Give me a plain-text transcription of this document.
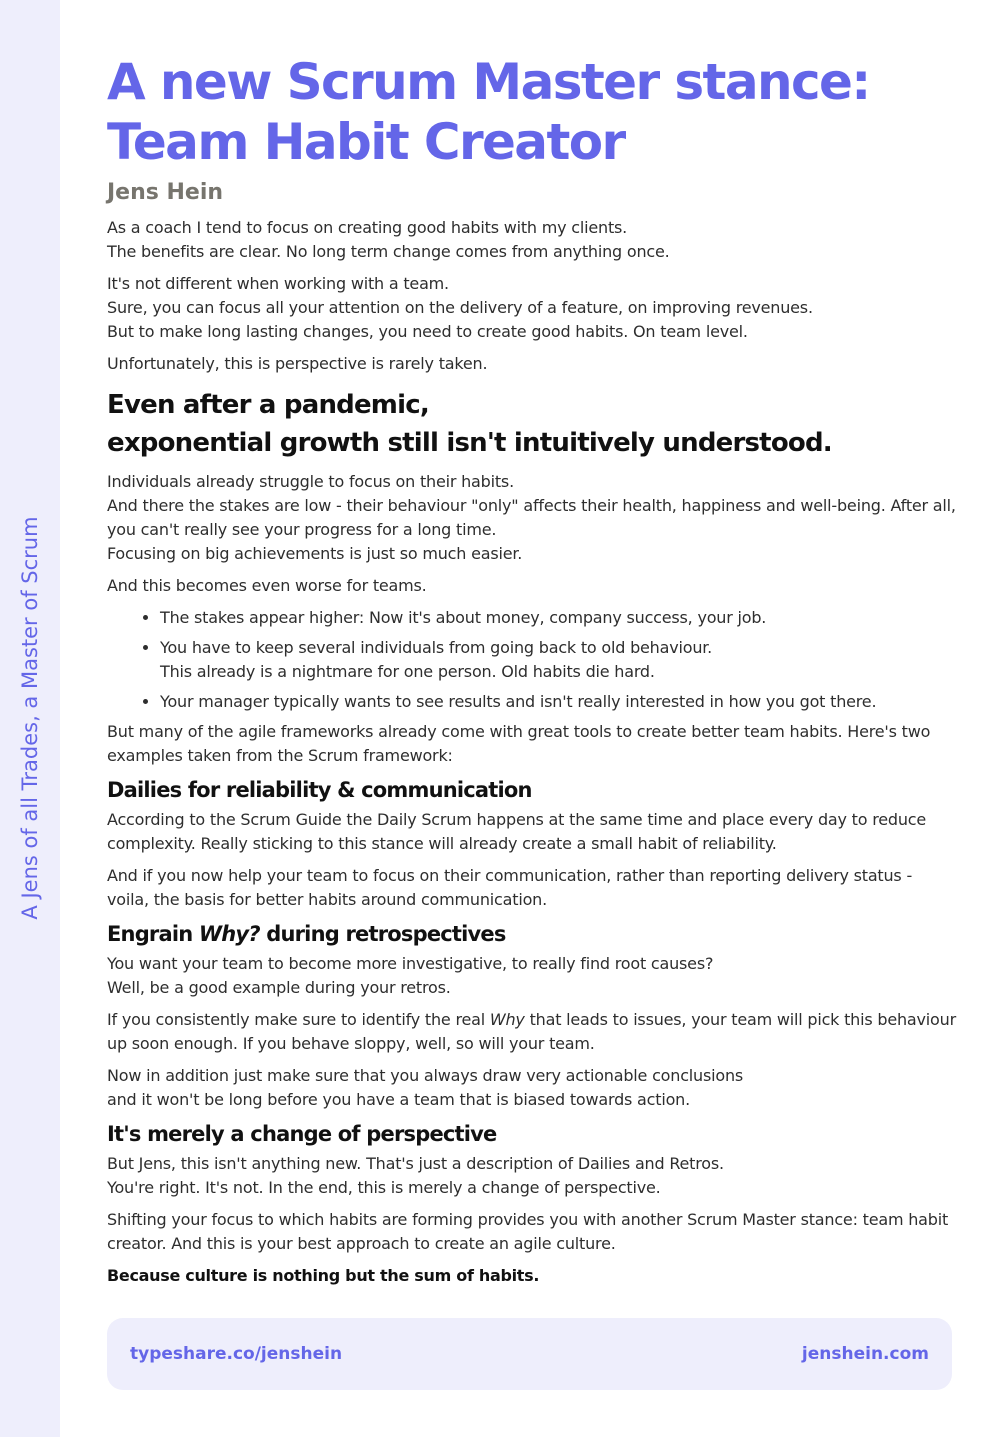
A Jens of all Trades, a Master of Scrum
A new Scrum Master stance:
Team Habit Creator
Jens Hein

As a coach I tend to focus on creating good habits with my clients.
The benefits are clear. No long term change comes from anything once.

It's not different when working with a team.
Sure, you can focus all your attention on the delivery of a feature, on improving revenues.
But to make long lasting changes, you need to create good habits. On team level.

Unfortunately, this is perspective is rarely taken.

Even after a pandemic,
exponential growth still isn't intuitively understood.

Individuals already struggle to focus on their habits.
And there the stakes are low - their behaviour "only" affects their health, happiness and well-being. After all, you can't really see your progress for a long time.
Focusing on big achievements is just so much easier.

And this becomes even worse for teams.

• The stakes appear higher: Now it's about money, company success, your job.
• You have to keep several individuals from going back to old behaviour.
This already is a nightmare for one person. Old habits die hard.
• Your manager typically wants to see results and isn't really interested in how you got there.

But many of the agile frameworks already come with great tools to create better team habits. Here's two examples taken from the Scrum framework:

Dailies for reliability & communication

According to the Scrum Guide the Daily Scrum happens at the same time and place every day to reduce complexity. Really sticking to this stance will already create a small habit of reliability.

And if you now help your team to focus on their communication, rather than reporting delivery status - voila, the basis for better habits around communication.

Engrain Why? during retrospectives

You want your team to become more investigative, to really find root causes?
Well, be a good example during your retros.

If you consistently make sure to identify the real Why that leads to issues, your team will pick this behaviour up soon enough. If you behave sloppy, well, so will your team.

Now in addition just make sure that you always draw very actionable conclusions
and it won't be long before you have a team that is biased towards action.

It's merely a change of perspective

But Jens, this isn't anything new. That's just a description of Dailies and Retros.
You're right. It's not. In the end, this is merely a change of perspective.

Shifting your focus to which habits are forming provides you with another Scrum Master stance: team habit creator. And this is your best approach to create an agile culture.

Because culture is nothing but the sum of habits.

typeshare.co/jenshein	jenshein.com
